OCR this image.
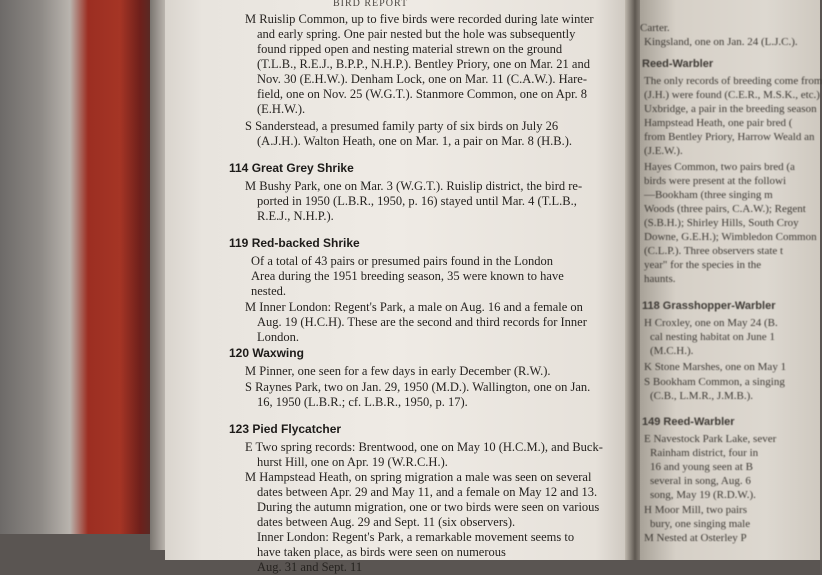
BIRD REPORT
M Ruislip Common, up to five birds were recorded during late winter
and early spring. One pair nested but the hole was subsequently
found ripped open and nesting material strewn on the ground
(T.L.B., R.E.J., B.P.P., N.H.P.). Bentley Priory, one on Mar. 21 and
Nov. 30 (E.H.W.). Denham Lock, one on Mar. 11 (C.A.W.). Hare-
field, one on Nov. 25 (W.G.T.). Stanmore Common, one on Apr. 8
(E.H.W.).
S Sanderstead, a presumed family party of six birds on July 26
(A.J.H.). Walton Heath, one on Mar. 1, a pair on Mar. 8 (H.B.).
114 Great Grey Shrike
M Bushy Park, one on Mar. 3 (W.G.T.). Ruislip district, the bird re-
ported in 1950 (L.B.R., 1950, p. 16) stayed until Mar. 4 (T.L.B.,
R.E.J., N.H.P.).
119 Red-backed Shrike
Of a total of 43 pairs or presumed pairs found in the London
Area during the 1951 breeding season, 35 were known to have
nested.
M Inner London: Regent's Park, a male on Aug. 16 and a female on
Aug. 19 (H.C.H). These are the second and third records for Inner
London.
120 Waxwing
M Pinner, one seen for a few days in early December (R.W.).
S Raynes Park, two on Jan. 29, 1950 (M.D.). Wallington, one on Jan.
16, 1950 (L.B.R.; cf. L.B.R., 1950, p. 17).
123 Pied Flycatcher
E Two spring records: Brentwood, one on May 10 (H.C.M.), and Buck-
hurst Hill, one on Apr. 19 (W.R.C.H.).
M Hampstead Heath, on spring migration a male was seen on several
dates between Apr. 29 and May 11, and a female on May 12 and 13.
During the autumn migration, one or two birds were seen on various
dates between Aug. 29 and Sept. 11 (six observers).
Inner London: Regent's Park, a remarkable movement seems to
have taken place, as birds were seen on numerous
Aug. 31 and Sept. 11
Carter.
Kingsland, one on Jan. 24 (L.J.C.).
Reed-Warbler
The only records of breeding come from
(J.H.) were found (C.E.R., M.S.K., etc.)
Uxbridge, a pair in the breeding season
Hampstead Heath, one pair bred (
from Bentley Priory, Harrow Weald an
(J.E.W.).
Hayes Common, two pairs bred (a
birds were present at the followi
—Bookham (three singing m
Woods (three pairs, C.A.W.); Regent
(S.B.H.); Shirley Hills, South Croy
Downe, G.E.H.); Wimbledon Common
(C.L.P.). Three observers state t
year" for the species in the
haunts.
118 Grasshopper-Warbler
H Croxley, one on May 24 (B.
cal nesting habitat on June 1
(M.C.H.).
K Stone Marshes, one on May 1
S Bookham Common, a singing
(C.B., L.M.R., J.M.B.).
149 Reed-Warbler
E Navestock Park Lake, sever
Rainham district, four in
16 and young seen at B
several in song, Aug. 6
song, May 19 (R.D.W.).
H Moor Mill, two pairs
bury, one singing male
M Nested at Osterley P
